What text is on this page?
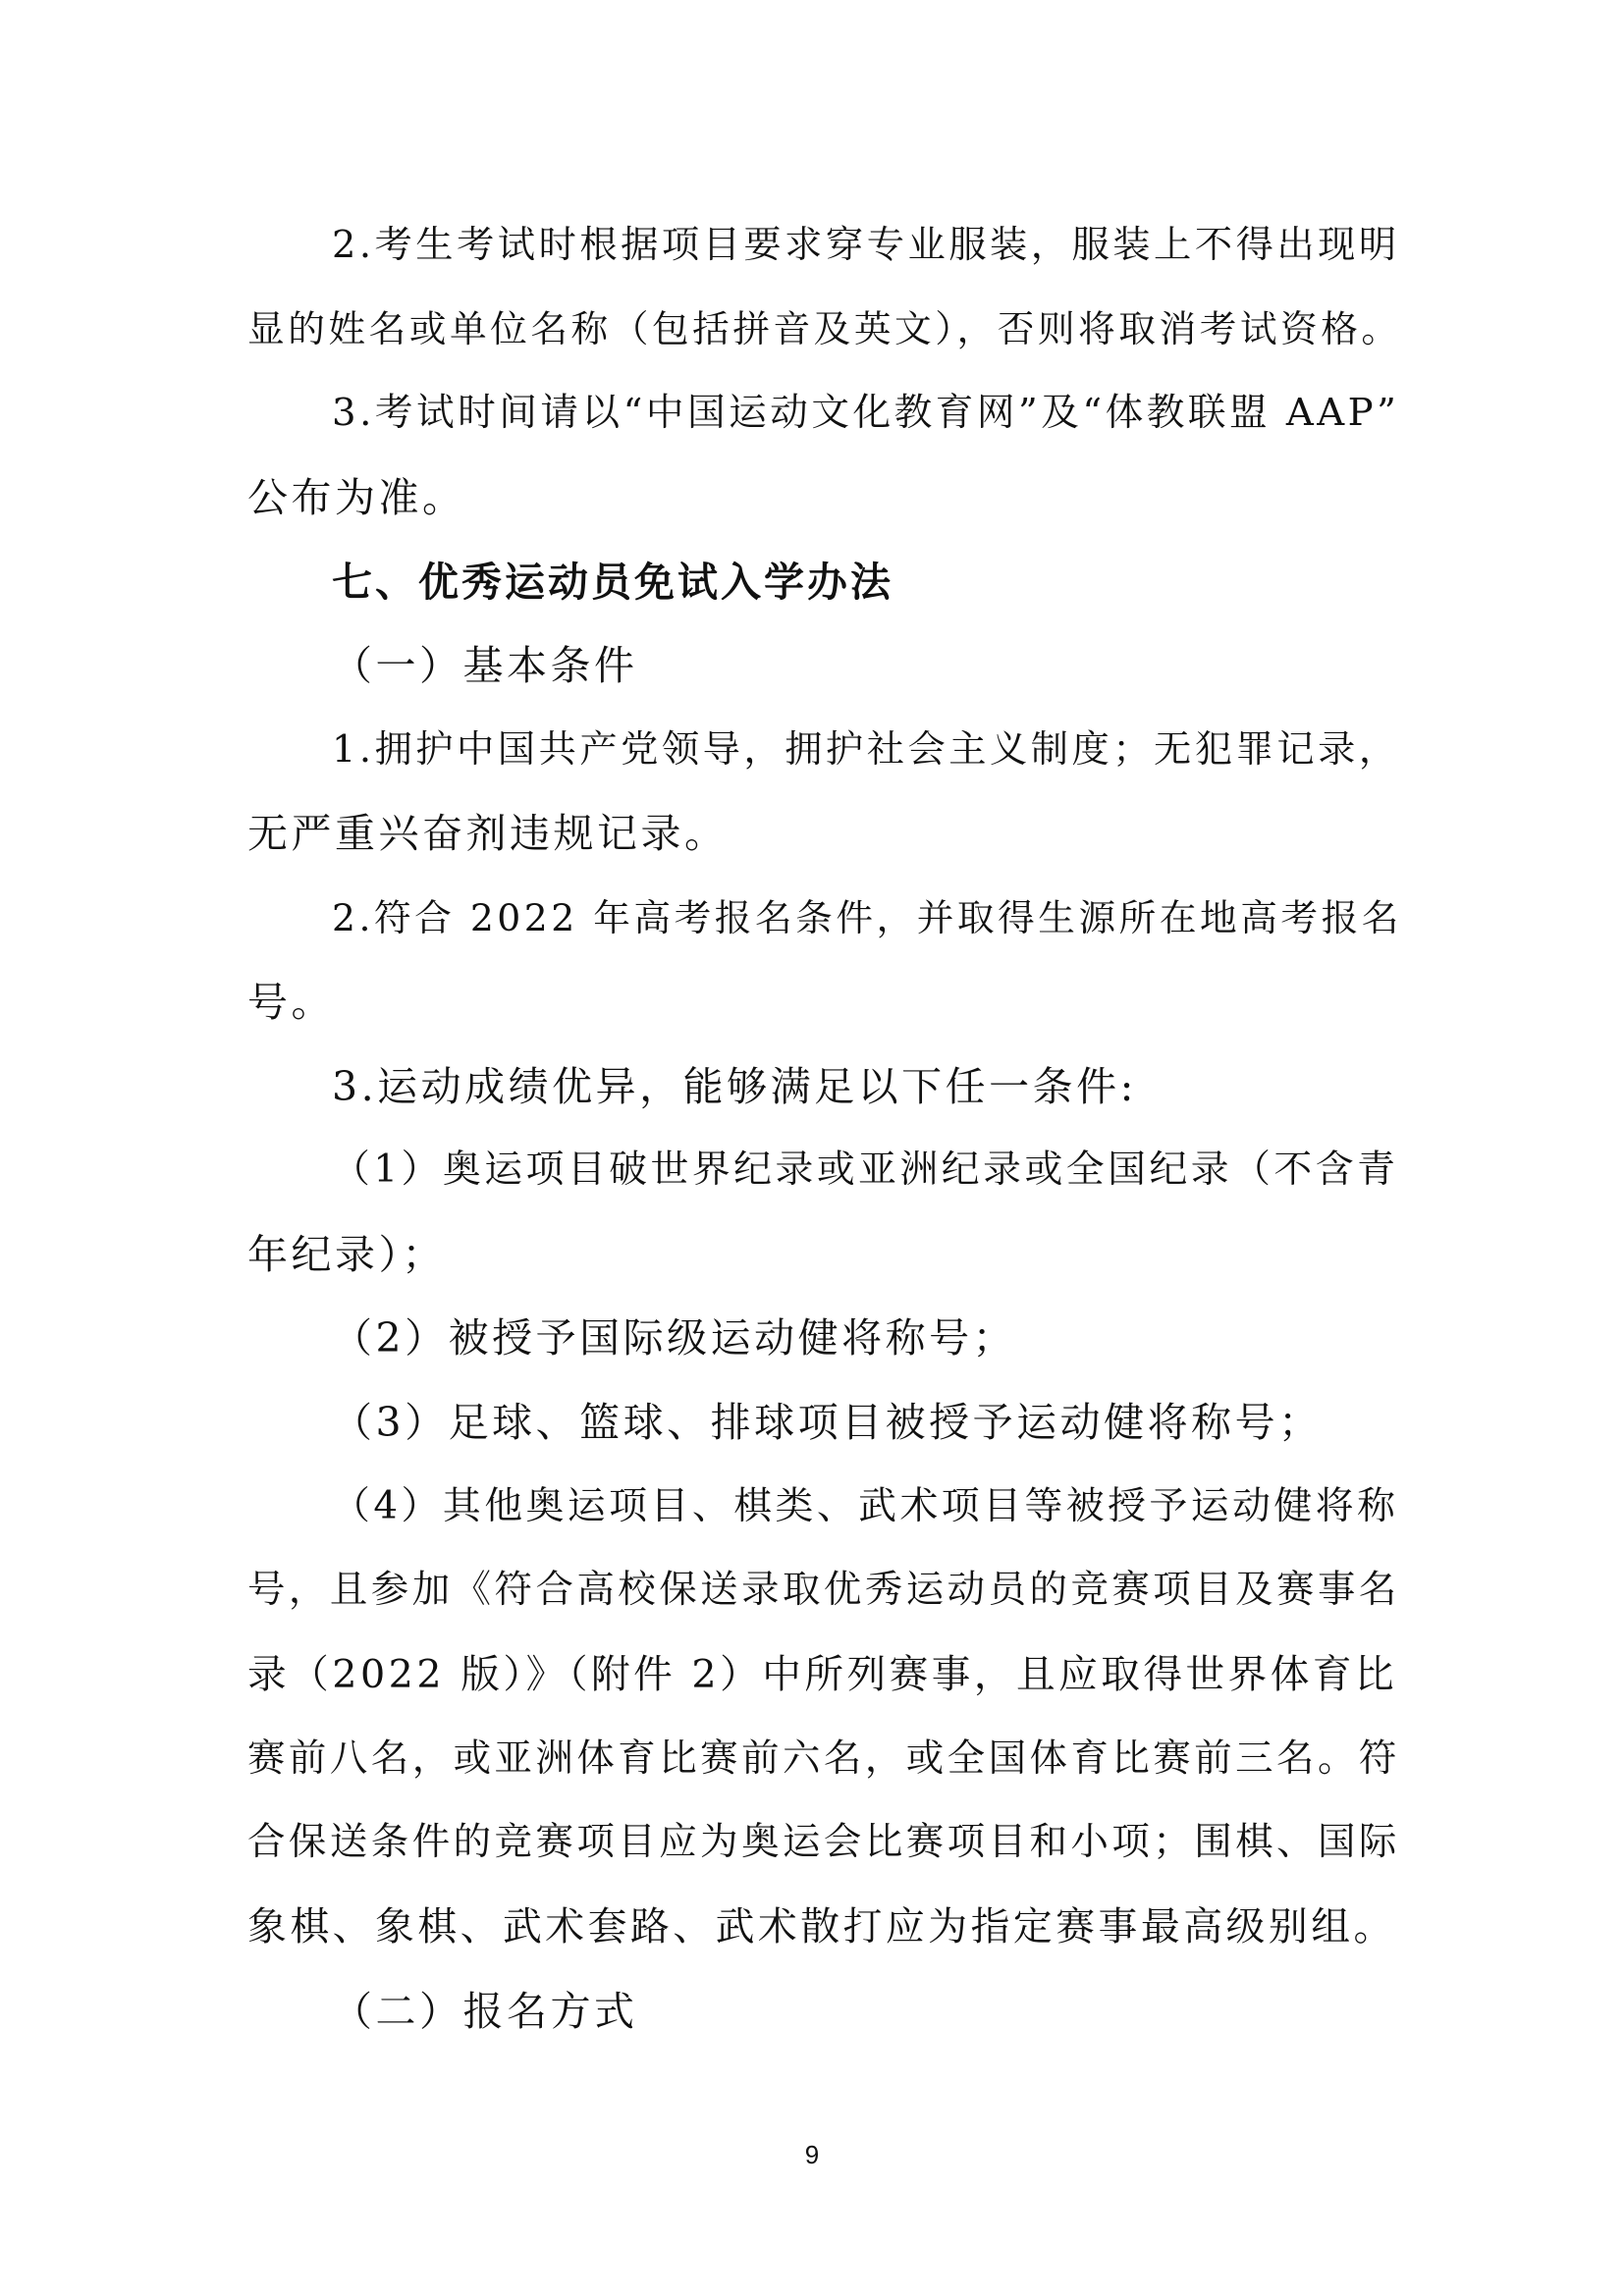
2.考生考试时根据项目要求穿专业服装，服装上不得出现明
显的姓名或单位名称（包括拼音及英文），否则将取消考试资格。
3.考试时间请以“中国运动文化教育网”及“体教联盟 AAP”
公布为准。
七、优秀运动员免试入学办法
（一）基本条件
1.拥护中国共产党领导，拥护社会主义制度；无犯罪记录，
无严重兴奋剂违规记录。
2.符合 2022 年高考报名条件，并取得生源所在地高考报名
号。
3.运动成绩优异，能够满足以下任一条件:
（1）奥运项目破世界纪录或亚洲纪录或全国纪录（不含青
年纪录）；
（2）被授予国际级运动健将称号；
（3）足球、篮球、排球项目被授予运动健将称号；
（4）其他奥运项目、棋类、武术项目等被授予运动健将称
号，且参加《符合高校保送录取优秀运动员的竞赛项目及赛事名
录（2022 版）》（附件 2）中所列赛事，且应取得世界体育比
赛前八名，或亚洲体育比赛前六名，或全国体育比赛前三名。符
合保送条件的竞赛项目应为奥运会比赛项目和小项；围棋、国际
象棋、象棋、武术套路、武术散打应为指定赛事最高级别组。
（二）报名方式
9
